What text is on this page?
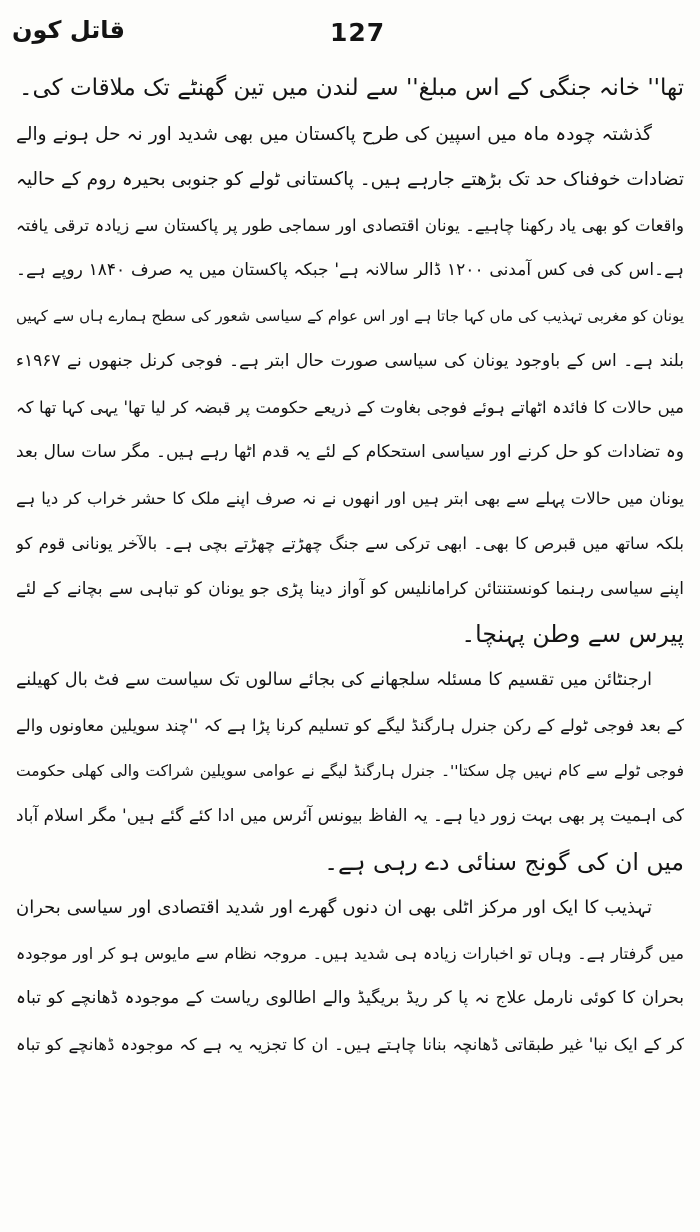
127
قاتل کون
تھا'' خانہ جنگی کے اس مبلغ'' سے لندن میں تین گھنٹے تک ملاقات کی۔
گذشتہ چودہ ماہ میں اسپین کی طرح پاکستان میں بھی شدید اور نہ حل ہونے والے
تضادات خوفناک حد تک بڑھتے جارہے ہیں۔ پاکستانی ٹولے کو جنوبی بحیرہ روم کے حالیہ
واقعات کو بھی یاد رکھنا چاہیے۔ یونان اقتصادی اور سماجی طور پر پاکستان سے زیادہ ترقی یافتہ
ہے۔اس کی فی کس آمدنی ۱۲۰۰ ڈالر سالانہ ہے' جبکہ پاکستان میں یہ صرف ۱۸۴۰ روپے ہے۔
یونان کو مغربی تہذیب کی ماں کہا جاتا ہے اور اس عوام کے سیاسی شعور کی سطح ہمارے ہاں سے کہیں
بلند ہے۔ اس کے باوجود یونان کی سیاسی صورت حال ابتر ہے۔ فوجی کرنل جنھوں نے ۱۹۶۷ء
میں حالات کا فائدہ اٹھاتے ہوئے فوجی بغاوت کے ذریعے حکومت پر قبضہ کر لیا تھا' یہی کہا تھا کہ
وہ تضادات کو حل کرنے اور سیاسی استحکام کے لئے یہ قدم اٹھا رہے ہیں۔ مگر سات سال بعد
یونان میں حالات پہلے سے بھی ابتر ہیں اور انھوں نے نہ صرف اپنے ملک کا حشر خراب کر دیا ہے
بلکہ ساتھ میں قبرص کا بھی۔ ابھی ترکی سے جنگ چھڑتے چھڑتے بچی ہے۔ بالآخر یونانی قوم کو
اپنے سیاسی رہنما کونستنتائن کرامانلیس کو آواز دینا پڑی جو یونان کو تباہی سے بچانے کے لئے
پیرس سے وطن پہنچا۔
ارجنٹائن میں تقسیم کا مسئلہ سلجھانے کی بجائے سالوں تک سیاست سے فٹ بال کھیلنے
کے بعد فوجی ٹولے کے رکن جنرل ہارگنڈ لیگے کو تسلیم کرنا پڑا ہے کہ ''چند سویلین معاونوں والے
فوجی ٹولے سے کام نہیں چل سکتا''۔ جنرل ہارگنڈ لیگے نے عوامی سویلین شراکت والی کھلی حکومت
کی اہمیت پر بھی بہت زور دیا ہے۔ یہ الفاظ بیونس آئرس میں ادا کئے گئے ہیں' مگر اسلام آباد
میں ان کی گونج سنائی دے رہی ہے۔
تہذیب کا ایک اور مرکز اٹلی بھی ان دنوں گھرے اور شدید اقتصادی اور سیاسی بحران
میں گرفتار ہے۔ وہاں تو اخبارات زیادہ ہی شدید ہیں۔ مروجہ نظام سے مایوس ہو کر اور موجودہ
بحران کا کوئی نارمل علاج نہ پا کر ریڈ بریگیڈ والے اطالوی ریاست کے موجودہ ڈھانچے کو تباہ
کر کے ایک نیا' غیر طبقاتی ڈھانچہ بنانا چاہتے ہیں۔ ان کا تجزیہ یہ ہے کہ موجودہ ڈھانچے کو تباہ
